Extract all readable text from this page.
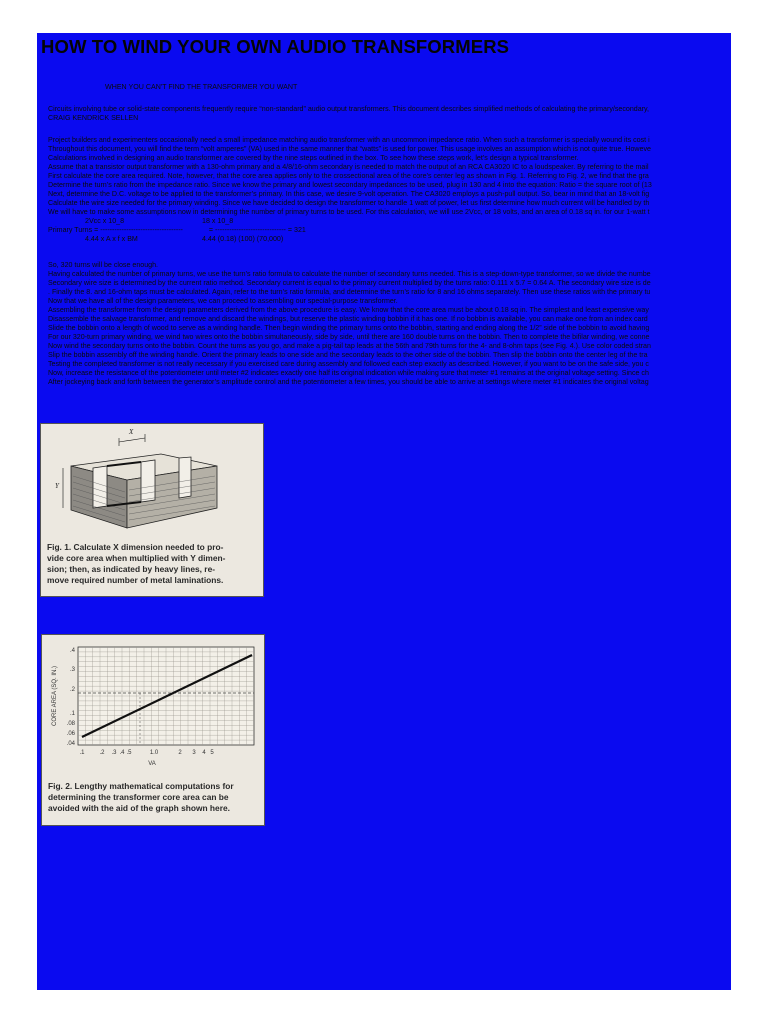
HOW TO WIND YOUR OWN AUDIO TRANSFORMERS
WHEN YOU CAN'T FIND THE TRANSFORMER YOU WANT
Circuits involving tube or solid-state components frequently require “non-standard” audio output transformers. This document describes simplified methods of calculating the primary/secondary,
CRAIG KENDRICK SELLEN
Project builders and experimenters occasionally need a small impedance matching audio transformer with an uncommon impedance ratio. When such a transformer is specially wound its cost i
Throughout this document, you will find the term “volt amperes” (VA) used in the same manner that “watts” is used for power. This usage involves an assumption which is not quite true. Howeve
Calculations involved in designing an audio transformer are covered by the nine steps outlined in the box. To see how these steps work, let’s design a typical transformer.
Assume that a transistor output transformer with a 130-ohm primary and a 4/8/16-ohm secondary is needed to match the output of an RCA CA3020 IC to a loudspeaker. By referring to the mail
First calculate the core area required. Note, however, that the core area applies only to the crossectional area of the core’s center leg as shown in Fig. 1. Referring to Fig. 2, we find that the gra
Determine the turn’s ratio from the impedance ratio. Since we know the primary and lowest secondary impedances to be used, plug in 130 and 4 into the equation: Ratio = the square root of (13
Next, determine the D.C. voltage to be applied to the transformer’s primary. In this case, we desire 9-volt operation. The CA3020 employs a push-pull output. So, bear in mind that an 18-volt fig
Calculate the wire size needed for the primary winding. Since we have decided to design the transformer to handle 1 watt of power, let us first determine how much current will be handled by th
We will have to make some assumptions now in determining the number of primary turns to be used. For this calculation, we will use 2Vcc, or 18 volts, and an area of 0.18 sq in. for our 1-watt t
2Vcc x 10_8	18 x 10_8
Primary Turns = -----------------------------------	= ------------------------------ = 321
4.44 x A x f x BM	4.44 (0.18) (100) (70,000)
So, 320 turns will be close enough.
Having calculated the number of primary turns, we use the turn’s ratio formula to calculate the number of secondary turns needed. This is a step-down-type transformer, so we divide the numbe
Secondary wire size is determined by the current ratio method. Secondary current is equal to the primary current multiplied by the turns ratio: 0.111 x 5.7 = 0.64 A. The secondary wire size is de
. Finally the 8. and 16-ohm taps must be calculated. Again, refer to the turn’s ratio formula, and determine the turn’s ratio for 8 and 16 ohms separately. Then use these ratios with the primary tu
Now that we have all of the design parameters, we can proceed to assembling our special-purpose transformer.
Assembling the transformer from the design parameters derived from the above procedure is easy. We know that the core area must be about 0.18 sq in. The simplest and least expensive way
Disassemble the salvage transformer, and remove and discard the windings, but reserve the plastic winding bobbin if it has one. If no bobbin is available, you can make one from an index card
Slide the bobbin onto a length of wood to serve as a winding handle. Then begin winding the primary turns onto the bobbin, starting and ending along the 1/2” side of the bobbin to avoid having
For our 320-turn primary winding, we wind two wires onto the bobbin simultaneously, side by side, until there are 160 double turns on the bobbin. Then to complete the bifilar winding, we conne
Now wind the secondary turns onto the bobbin. Count the turns as you go, and make a pig-tail tap leads at the 56th and 79th turns for the 4- and 8-ohm taps (see Fig. 4.). Use color coded stran
Slip the bobbin assembly off the winding handle. Orient the primary leads to one side and the secondary leads to the other side of the bobbin. Then slip the bobbin onto the center leg of the tra
Testing the completed transformer is not really necessary if you exercised care during assembly and followed each step exactly as described. However, if you want to be on the safe side, you c
Now, increase the resistance of the potentiometer until meter #2 indicates exactly one half its original indication while making sure that meter #1 remains at the original voltage setting. Since ch
After jockeying back and forth between the generator’s amplitude control and the potentiometer a few times, you should be able to arrive at settings where meter #1 indicates the original voltag
X
Y
Fig. 1. Calculate X dimension needed to pro-
vide core area when multiplied with Y dimen-
sion; then, as indicated by heavy lines, re-
move required number of metal laminations.
.4
.3
.2
.1
.08
.06
.04
.1 .2 .3 .4 .5	1.0	2 3 4 5
VA
CORE AREA (SQ. IN.)
Fig. 2. Lengthy mathematical computations for
determining the transformer core area can be
avoided with the aid of the graph shown here.
